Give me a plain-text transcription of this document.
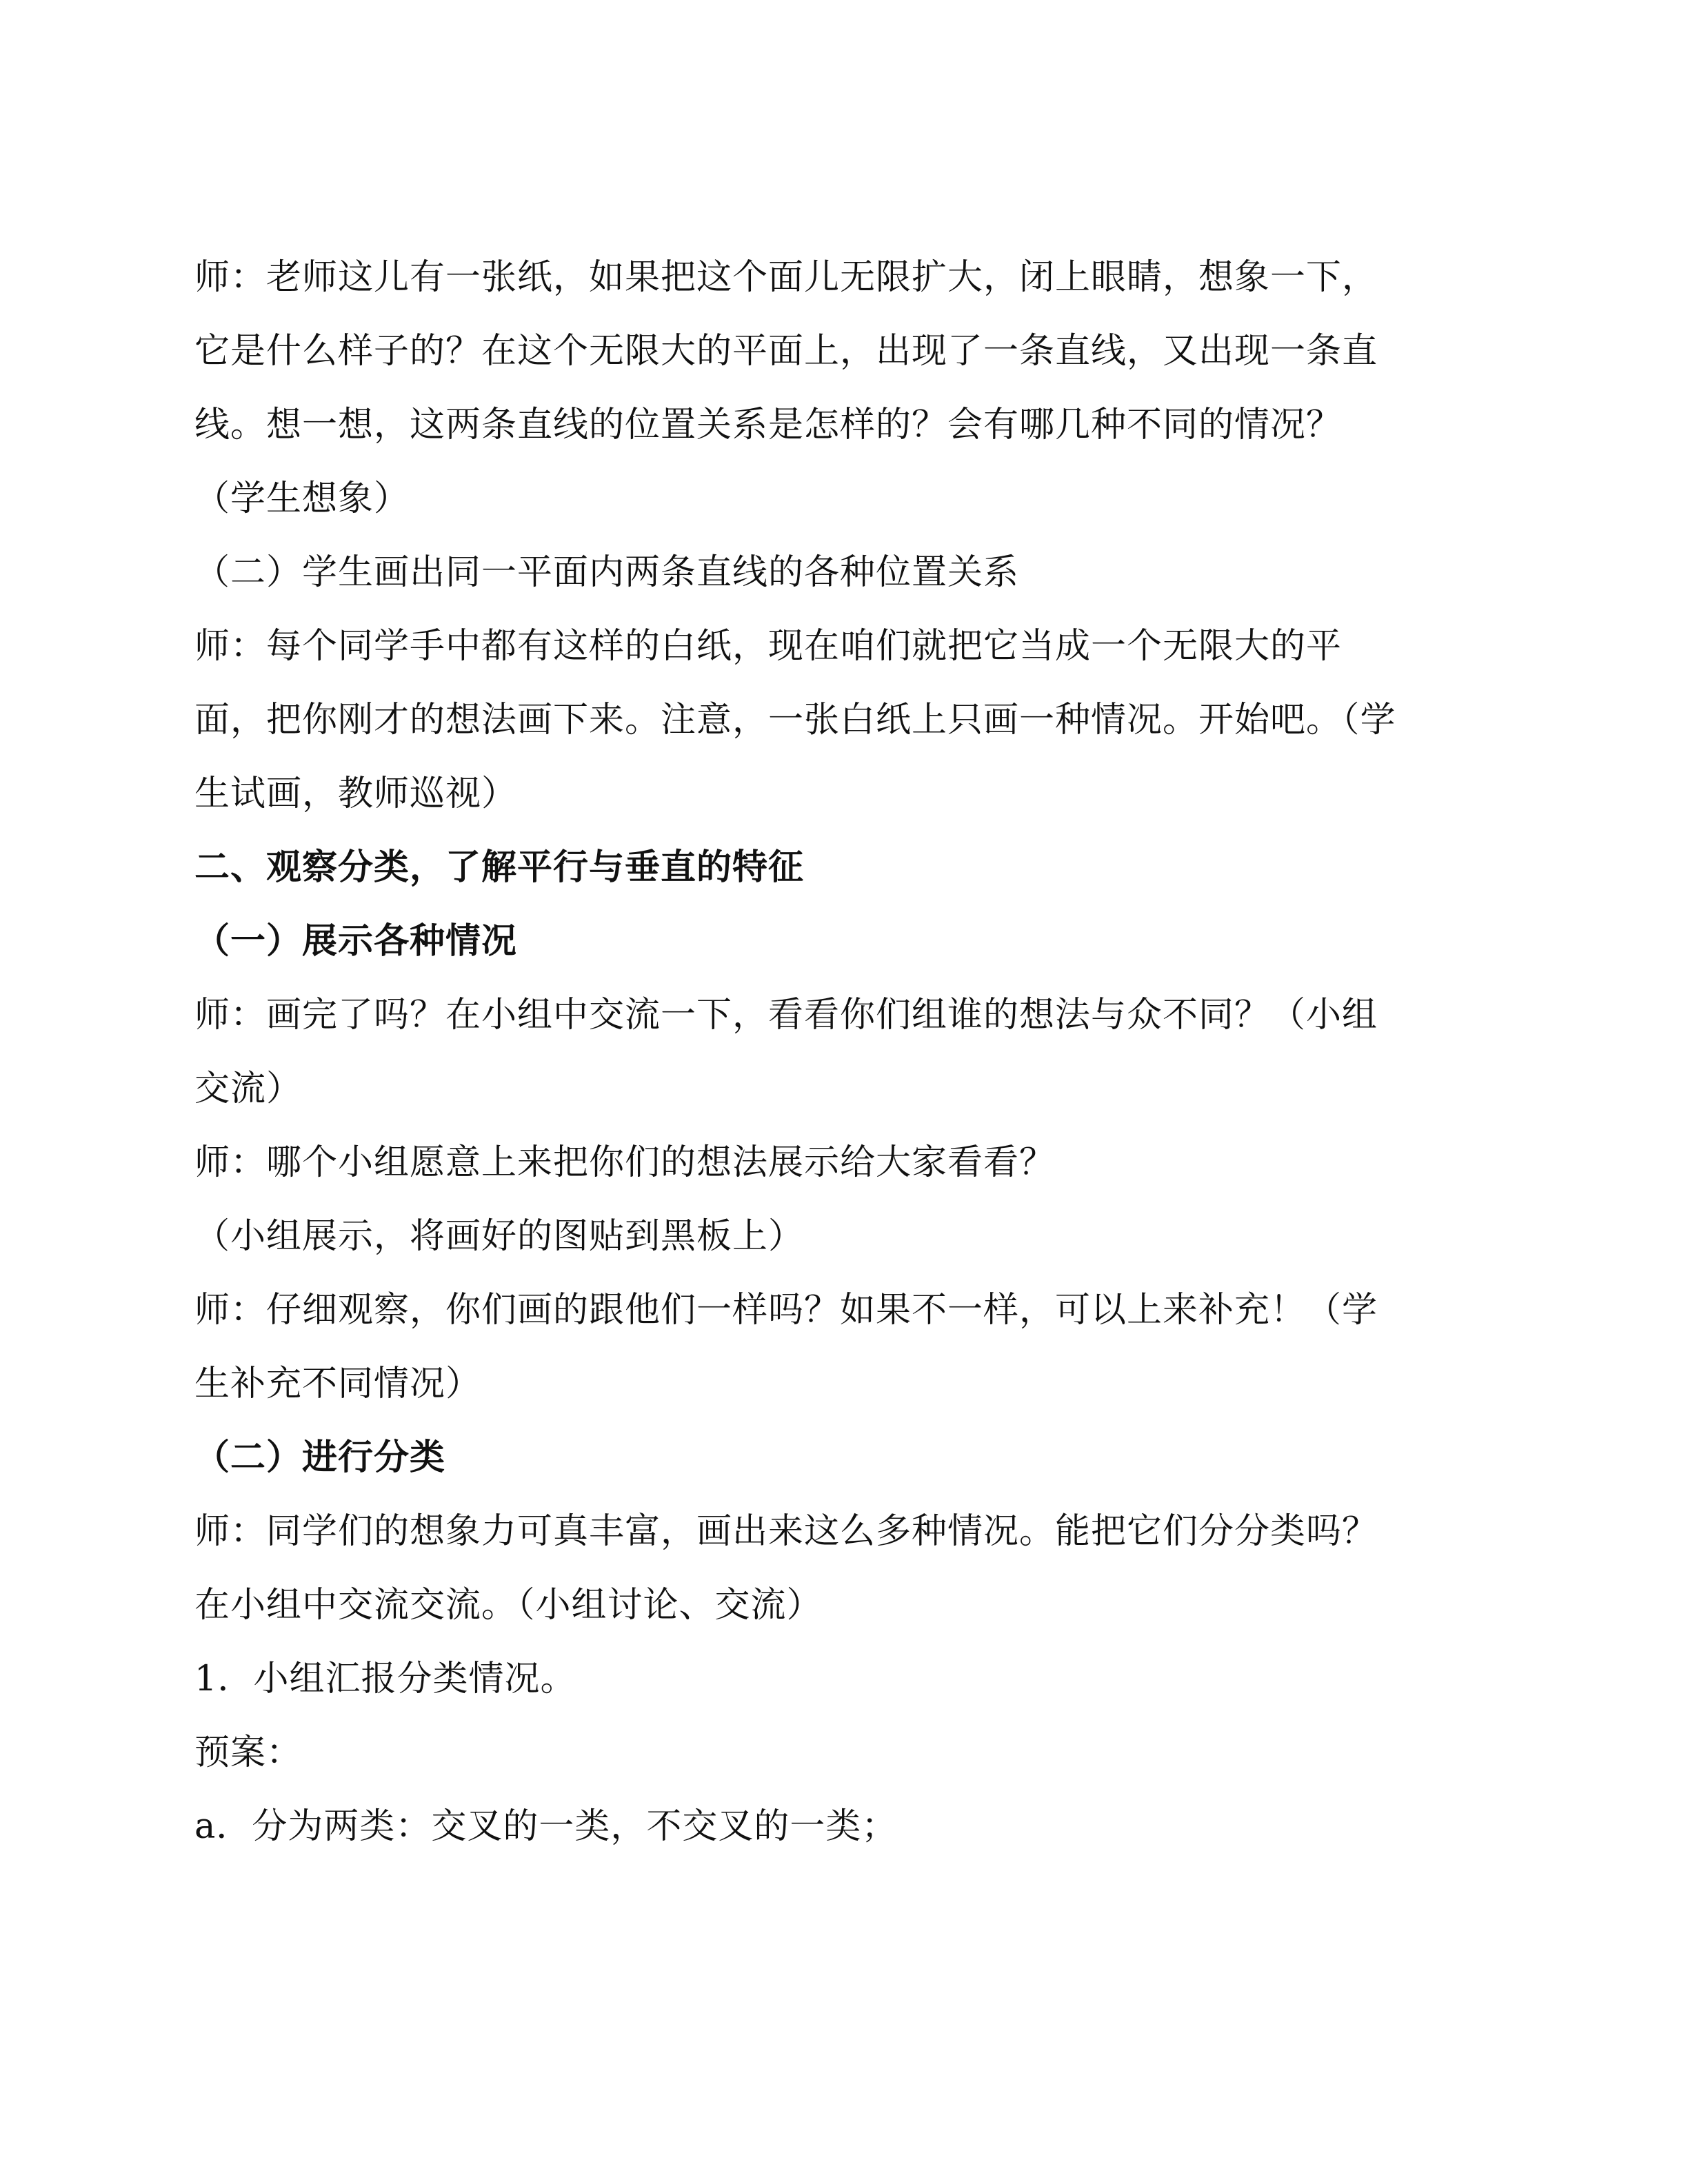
师：老师这儿有一张纸，如果把这个面儿无限扩大，闭上眼睛，想象一下，
它是什么样子的？在这个无限大的平面上，出现了一条直线，又出现一条直
线。想一想，这两条直线的位置关系是怎样的？会有哪几种不同的情况？
（学生想象）
（二）学生画出同一平面内两条直线的各种位置关系
师：每个同学手中都有这样的白纸，现在咱们就把它当成一个无限大的平
面，把你刚才的想法画下来。注意，一张白纸上只画一种情况。开始吧。（学
生试画，教师巡视）
二、观察分类，了解平行与垂直的特征
（一）展示各种情况
师：画完了吗？在小组中交流一下，看看你们组谁的想法与众不同？（小组
交流）
师：哪个小组愿意上来把你们的想法展示给大家看看？
（小组展示，将画好的图贴到黑板上）
师：仔细观察，你们画的跟他们一样吗？如果不一样，可以上来补充！（学
生补充不同情况）
（二）进行分类
师：同学们的想象力可真丰富，画出来这么多种情况。能把它们分分类吗？
在小组中交流交流。（小组讨论、交流）
1．小组汇报分类情况。
预案：
a．分为两类：交叉的一类，不交叉的一类；
